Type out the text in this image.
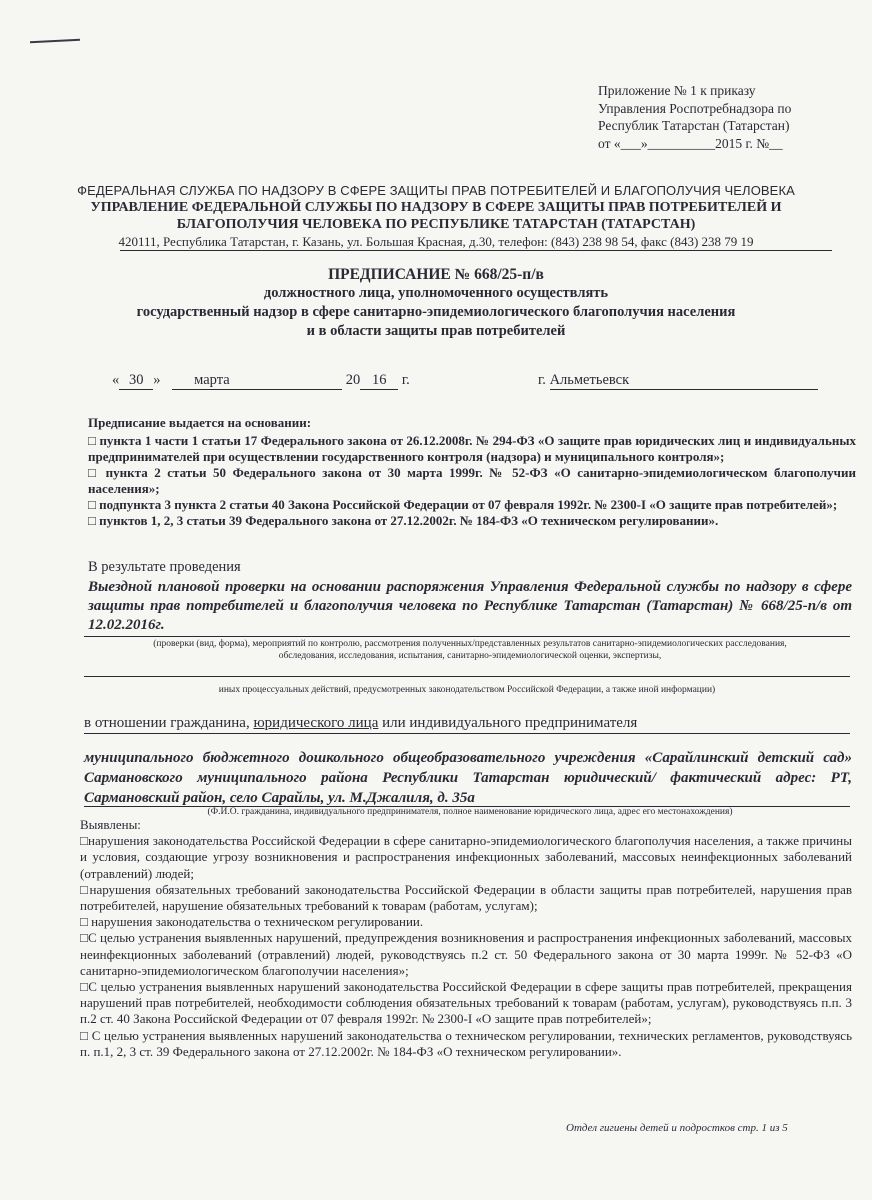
Приложение № 1 к приказу
Управления Роспотребнадзора по
Республик Татарстан (Татарстан)
от «___»__________2015 г. №__
ФЕДЕРАЛЬНАЯ СЛУЖБА ПО НАДЗОРУ В СФЕРЕ ЗАЩИТЫ ПРАВ ПОТРЕБИТЕЛЕЙ И БЛАГОПОЛУЧИЯ ЧЕЛОВЕКА
УПРАВЛЕНИЕ ФЕДЕРАЛЬНОЙ СЛУЖБЫ ПО НАДЗОРУ В СФЕРЕ ЗАЩИТЫ ПРАВ ПОТРЕБИТЕЛЕЙ И
БЛАГОПОЛУЧИЯ ЧЕЛОВЕКА ПО РЕСПУБЛИКЕ ТАТАРСТАН (ТАТАРСТАН)
420111, Республика Татарстан, г. Казань, ул. Большая Красная, д.30, телефон: (843) 238 98 54, факс (843) 238 79 19
ПРЕДПИСАНИЕ № 668/25-п/в
должностного лица, уполномоченного осуществлять
государственный надзор в сфере санитарно-эпидемиологического благополучия населения
и в области защиты прав потребителей
« 30 » марта	20 16 г.	г. Альметьевск

Предписание выдается на основании:

□ пункта 1 части 1 статьи 17 Федерального закона от 26.12.2008г. № 294-ФЗ «О защите прав юридических лиц и индивидуальных предпринимателей при осуществлении государственного контроля (надзора) и муниципального контроля»;

□ пункта 2 статьи 50 Федерального закона от 30 марта 1999г. № 52-ФЗ «О санитарно-эпидемиологическом благополучии населения»;

□ подпункта 3 пункта 2 статьи 40 Закона Российской Федерации от 07 февраля 1992г. № 2300-I «О защите прав потребителей»;

□ пунктов 1, 2, 3 статьи 39 Федерального закона от 27.12.2002г. № 184-ФЗ «О техническом регулировании».

В результате проведения
Выездной плановой проверки на основании распоряжения Управления Федеральной службы по надзору в сфере защиты прав потребителей и благополучия человека по Республике Татарстан (Татарстан) № 668/25-п/в от 12.02.2016г.
(проверки (вид, форма), мероприятий по контролю, рассмотрения полученных/представленных результатов санитарно-эпидемиологических расследования, обследования, исследования, испытания, санитарно-эпидемиологической оценки, экспертизы,
иных процессуальных действий, предусмотренных законодательством Российской Федерации, а также иной информации)
в отношении гражданина, юридического лица или индивидуального предпринимателя
муниципального бюджетного дошкольного общеобразовательного учреждения «Сарайлинский детский сад» Сармановского муниципального района Республики Татарстан юридический/ фактический адрес: РТ, Сармановский район, село Сарайлы, ул. М.Джалиля, д. 35а
(Ф.И.О. гражданина, индивидуального предпринимателя, полное наименование юридического лица, адрес его местонахождения)

Выявлены:

□нарушения законодательства Российской Федерации в сфере санитарно-эпидемиологического благополучия населения, а также причины и условия, создающие угрозу возникновения и распространения инфекционных заболеваний, массовых неинфекционных заболеваний (отравлений) людей;

□нарушения обязательных требований законодательства Российской Федерации в области защиты прав потребителей, нарушения прав потребителей, нарушение обязательных требований к товарам (работам, услугам);

□ нарушения законодательства о техническом регулировании.

□С целью устранения выявленных нарушений, предупреждения возникновения и распространения инфекционных заболеваний, массовых неинфекционных заболеваний (отравлений) людей, руководствуясь п.2 ст. 50 Федерального закона от 30 марта 1999г. № 52-ФЗ «О санитарно-эпидемиологическом благополучии населения»;

□С целью устранения выявленных нарушений законодательства Российской Федерации в сфере защиты прав потребителей, прекращения нарушений прав потребителей, необходимости соблюдения обязательных требований к товарам (работам, услугам), руководствуясь п.п. 3 п.2 ст. 40 Закона Российской Федерации от 07 февраля 1992г. № 2300-I «О защите прав потребителей»;

□ С целью устранения выявленных нарушений законодательства о техническом регулировании, технических регламентов, руководствуясь п. п.1, 2, 3 ст. 39 Федерального закона от 27.12.2002г. № 184-ФЗ «О техническом регулировании».

Отдел гигиены детей и подростков стр. 1 из 5
